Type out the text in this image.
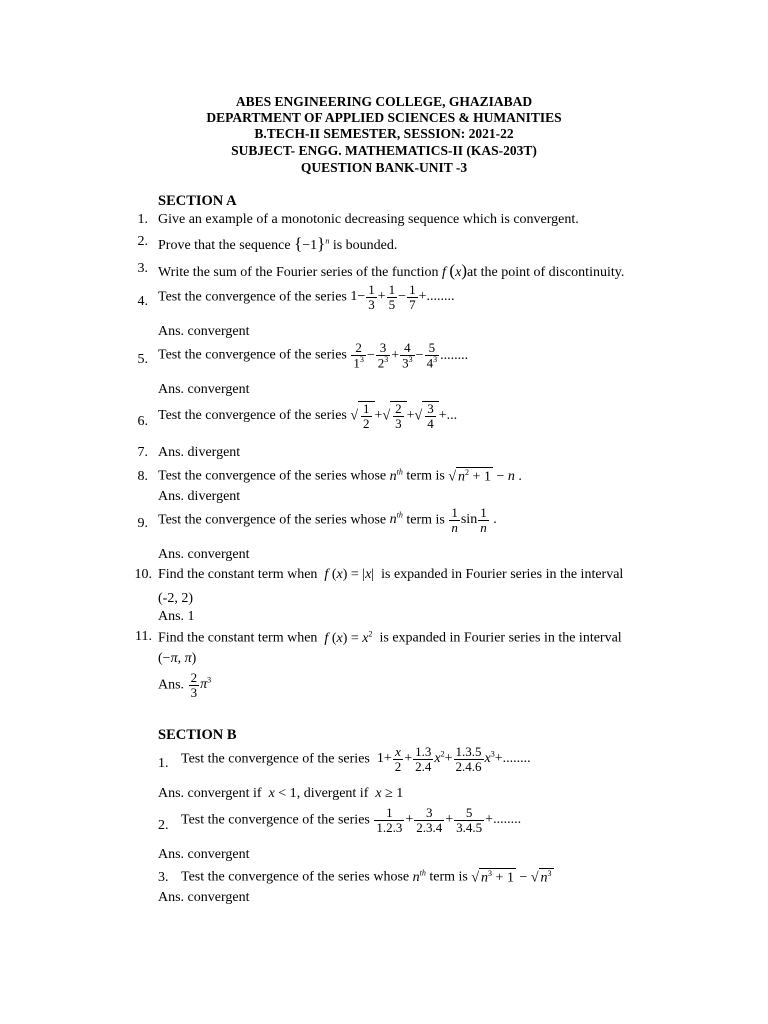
ABES ENGINEERING COLLEGE, GHAZIABAD
DEPARTMENT OF APPLIED SCIENCES & HUMANITIES
B.TECH-II SEMESTER, SESSION: 2021-22
SUBJECT- ENGG. MATHEMATICS-II (KAS-203T)
QUESTION BANK-UNIT -3
SECTION A
1. Give an example of a monotonic decreasing sequence which is convergent.
2. Prove that the sequence $\{-1\}^n$ is bounded.
3. Write the sum of the Fourier series of the function f (x)at the point of discontinuity.
4. Test the convergence of the series $1- \frac{1}{3} + \frac{1}{5} - \frac{1}{7}$ +........
Ans. convergent
5. Test the convergence of the series $\frac{2}{1^3} - \frac{3}{2^3} + \frac{4}{3^3} - \frac{5}{4^3}$ ........
Ans. convergent
6. Test the convergence of the series √ $\frac{1}{2}$ +√ $\frac{2}{3}$ +√ $\frac{3}{4}$ +...
7. Ans. divergent
8. Test the convergence of the series whose $n^{th}$ term is √ $n^2 + 1 - n$ .
Ans. divergent
9. Test the convergence of the series whose $n^{th}$ term is $\frac{1}{n}$ $\sin \frac{1}{n}$ .
Ans. convergent
10. Find the constant term when f (x) = |x|  is expanded in Fourier series in the interval
(-2, 2)
Ans. 1
11. Find the constant term when f $(x) = x^2$ is expanded in Fourier series in the interval
(−π, π)
Ans. $\frac{2}{3} \pi^3$
SECTION B
1. Test the convergence of the series  $1+ \frac{x}{2} + \frac{1.3}{2.4} x^2+ \frac{1.3.5}{2.4.6} x^3+$........
Ans. convergent if x < 1, divergent if x ≥ 1
2. Test the convergence of the series $\frac{1}{1.2.3} + \frac{3}{2.3.4} + \frac{5}{3.4.5}$ +........
Ans. convergent
3. Test the convergence of the series whose $n^{th}$ term is √ $n^3 + 1$ − √ $n^3$
Ans. convergent
